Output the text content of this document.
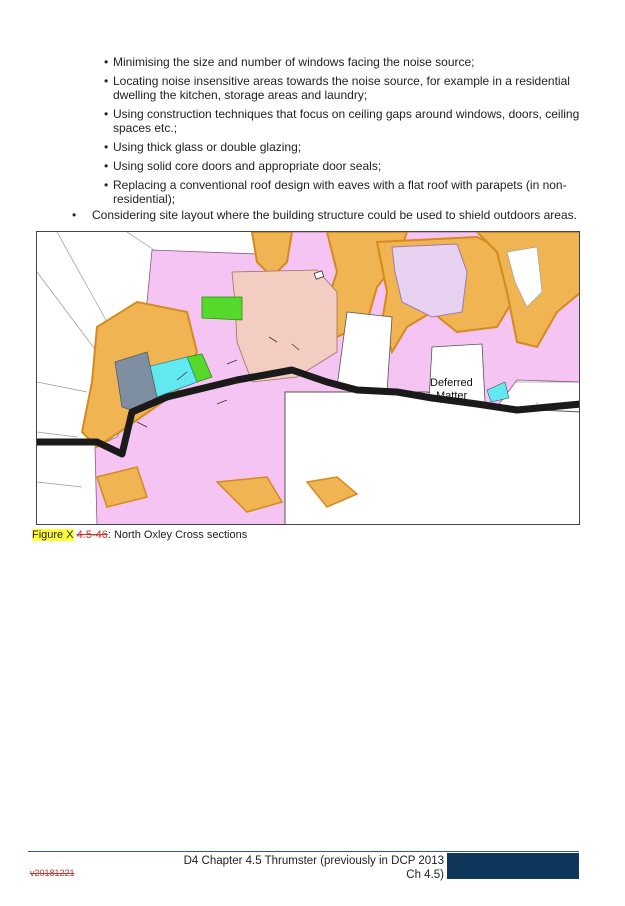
• Minimising the size and number of windows facing the noise source;
• Locating noise insensitive areas towards the noise source, for example in a residential dwelling the kitchen, storage areas and laundry;
• Using construction techniques that focus on ceiling gaps around windows, doors, ceiling spaces etc.;
• Using thick glass or double glazing;
• Using solid core doors and appropriate door seals;
• Replacing a conventional roof design with eaves with a flat roof with parapets (in non-residential);
• Considering site layout where the building structure could be used to shield outdoors areas.
Deferred
Matter
Figure X 4.5-46: North Oxley Cross sections
D4 Chapter 4.5 Thrumster (previously in DCP 2013 Ch 4.5)
v20181221
